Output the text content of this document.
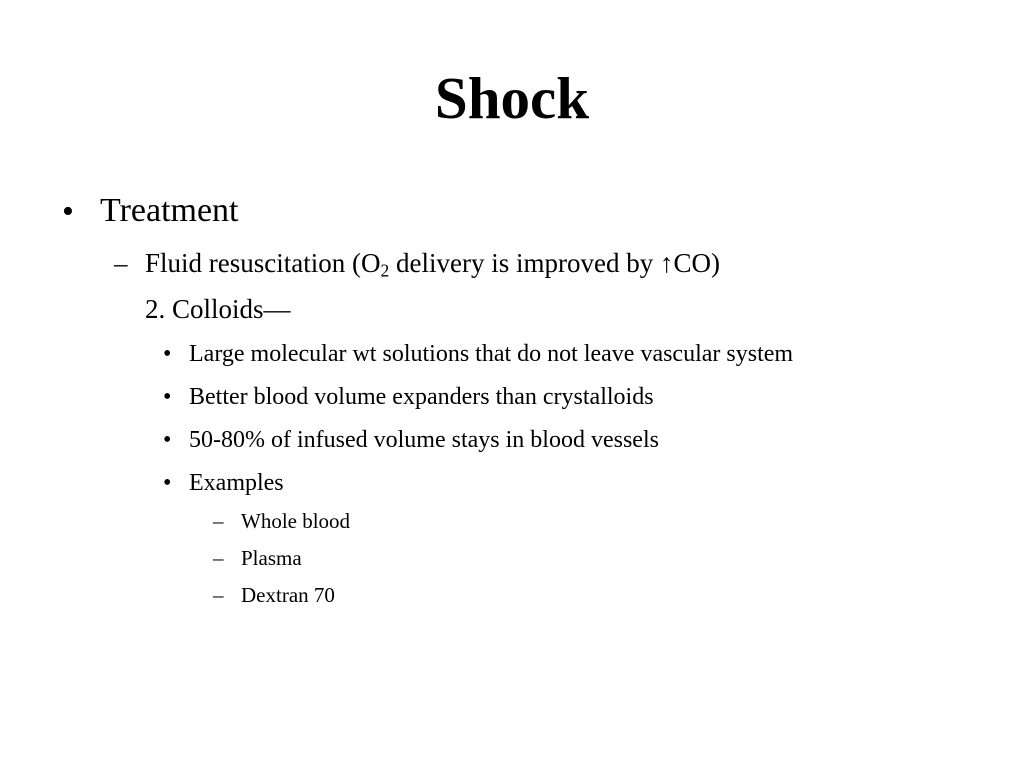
Shock
• Treatment
– Fluid resuscitation ($O_2$ delivery is improved by ↑CO)
2. Colloids—
• Large molecular wt solutions that do not leave vascular system
• Better blood volume expanders than crystalloids
• 50-80% of infused volume stays in blood vessels
• Examples
– Whole blood
– Plasma
– Dextran 70
